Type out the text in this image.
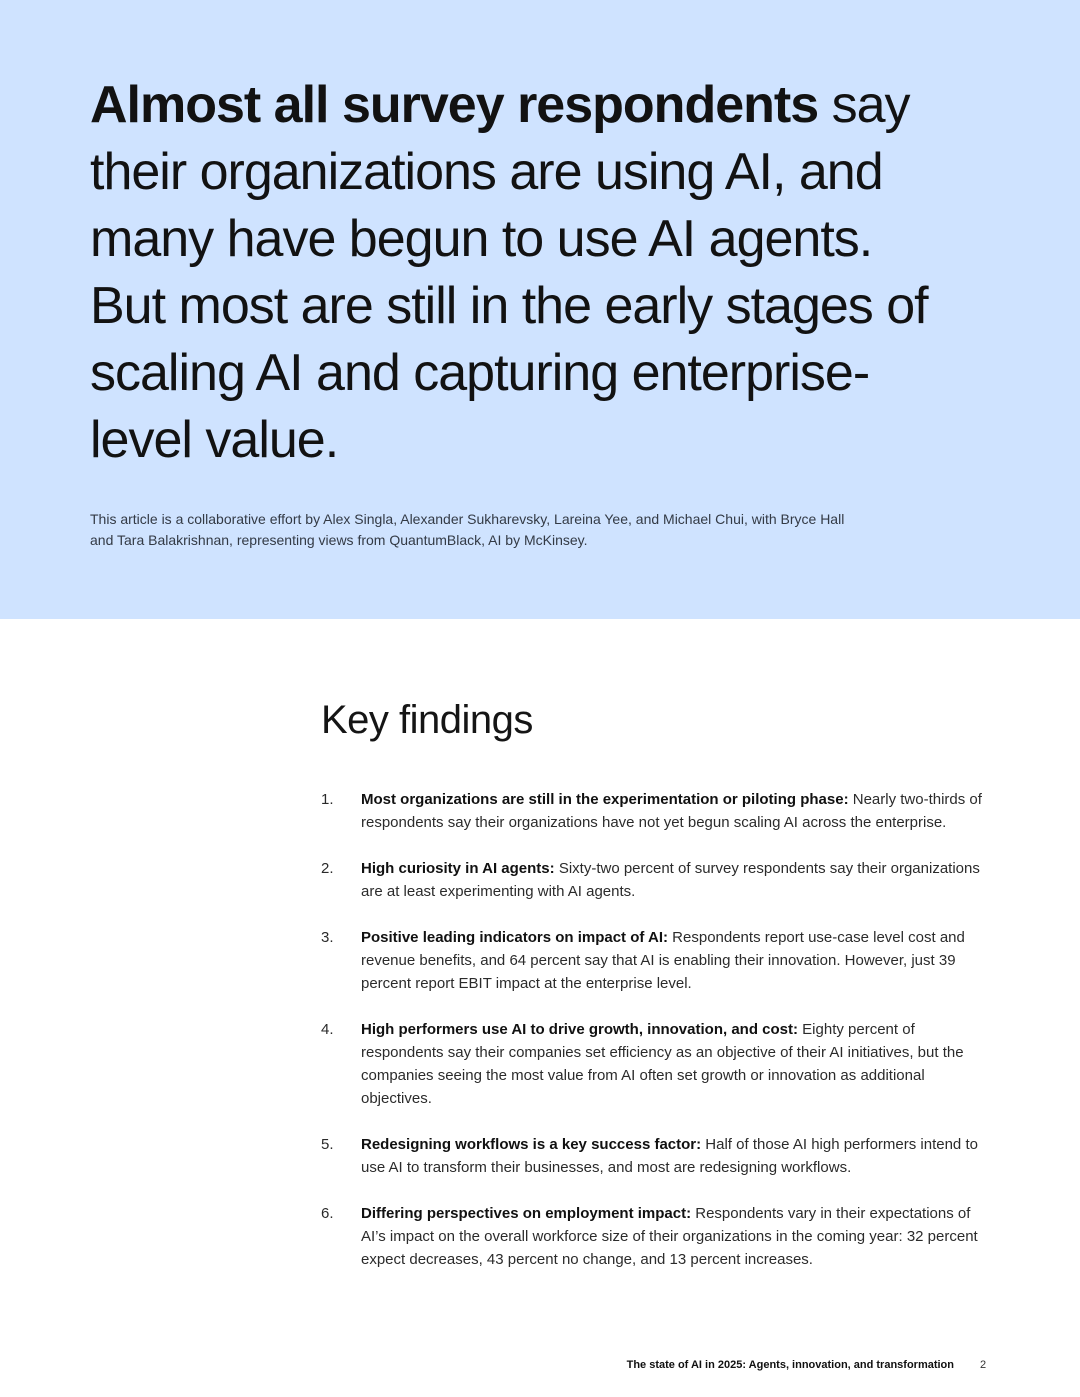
Almost all survey respondents say their organizations are using AI, and many have begun to use AI agents. But most are still in the early stages of scaling AI and capturing enterprise-level value.

This article is a collaborative effort by Alex Singla, Alexander Sukharevsky, Lareina Yee, and Michael Chui, with Bryce Hall and Tara Balakrishnan, representing views from QuantumBlack, AI by McKinsey.

Key findings
1.	Most organizations are still in the experimentation or piloting phase: Nearly two-thirds of respondents say their organizations have not yet begun scaling AI across the enterprise.
2.	High curiosity in AI agents: Sixty-two percent of survey respondents say their organizations are at least experimenting with AI agents.
3.	Positive leading indicators on impact of AI: Respondents report use-case level cost and revenue benefits, and 64 percent say that AI is enabling their innovation. However, just 39 percent report EBIT impact at the enterprise level.
4.	High performers use AI to drive growth, innovation, and cost: Eighty percent of respondents say their companies set efficiency as an objective of their AI initiatives, but the companies seeing the most value from AI often set growth or innovation as additional objectives.
5.	Redesigning workflows is a key success factor: Half of those AI high performers intend to use AI to transform their businesses, and most are redesigning workflows.
6.	Differing perspectives on employment impact: Respondents vary in their expectations of AI’s impact on the overall workforce size of their organizations in the coming year: 32 percent expect decreases, 43 percent no change, and 13 percent increases.

The state of AI in 2025: Agents, innovation, and transformation 2
